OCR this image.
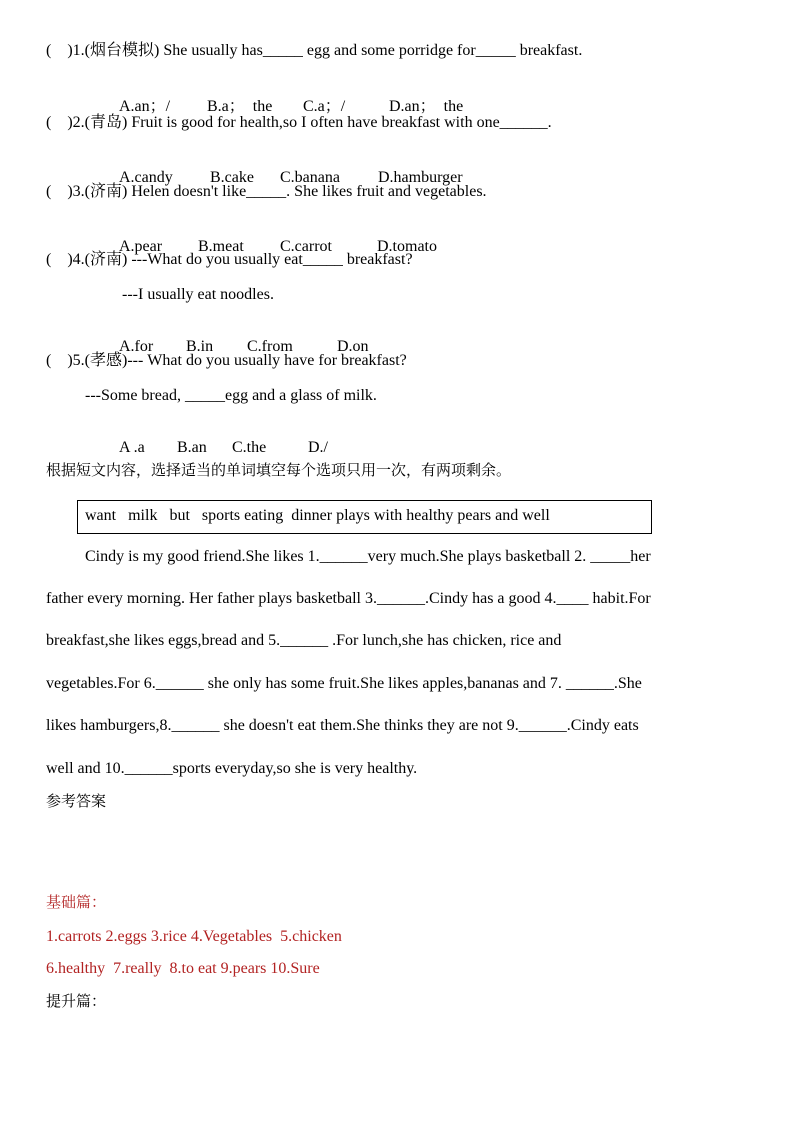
(    )1.(烟台模拟) She usually has_____ egg and some porridge for_____ breakfast.

A.an；/ B.a；  the C.a；/	D.an；  the

(    )2.(青岛) Fruit is good for health,so I often have breakfast with one______.

A.candy B.cake C.banana D.hamburger

(    )3.(济南) Helen doesn't like_____. She likes fruit and vegetables.

A.pear B.meat C.carrot	D.tomato

(    )4.(济南) ---What do you usually eat_____ breakfast?
---I usually eat noodles.

A.for B.in C.from	D.on

(    )5.(孝感)--- What do you usually have for breakfast?
---Some bread, _____egg and a glass of milk.

A .a B.an C.the	D./

根据短文内容，选择适当的单词填空每个选项只用一次，有两项剩余。
want   milk   but   sports eating  dinner plays with healthy pears and well
Cindy is my good friend.She likes 1.______very much.She plays basketball 2. _____her
father every morning. Her father plays basketball 3.______.Cindy has a good 4.____ habit.For
breakfast,she likes eggs,bread and 5.______ .For lunch,she has chicken, rice and
vegetables.For 6.______ she only has some fruit.She likes apples,bananas and 7. ______.She
likes hamburgers,8.______ she doesn't eat them.She thinks they are not 9.______.Cindy eats
well and 10.______sports everyday,so she is very healthy.
参考答案
基础篇：
1.carrots 2.eggs 3.rice 4.Vegetables  5.chicken
6.healthy  7.really  8.to eat 9.pears 10.Sure
提升篇：
